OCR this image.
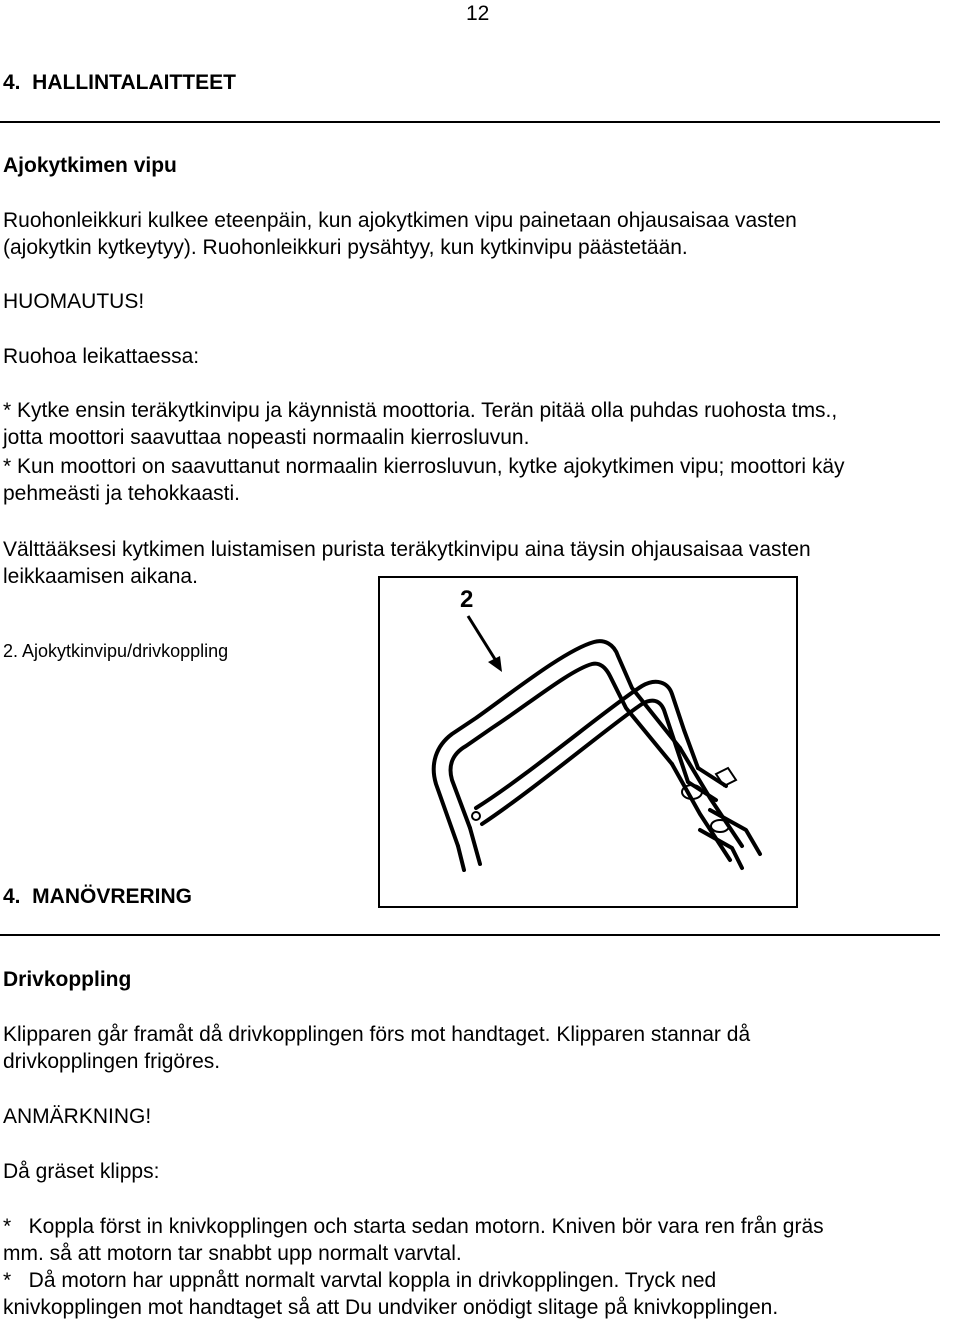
12
4.  HALLINTALAITTEET
Ajokytkimen vipu
Ruohonleikkuri kulkee eteenpäin, kun ajokytkimen vipu painetaan ohjausaisaa vasten
(ajokytkin kytkeytyy). Ruohonleikkuri pysähtyy, kun kytkinvipu päästetään.
HUOMAUTUS!
Ruohoa leikattaessa:
* Kytke ensin teräkytkinvipu ja käynnistä moottoria. Terän pitää olla puhdas ruohosta tms.,
jotta moottori saavuttaa nopeasti normaalin kierrosluvun.
* Kun moottori on saavuttanut normaalin kierrosluvun, kytke ajokytkimen vipu; moottori käy
pehmeästi ja tehokkaasti.
Välttääksesi kytkimen luistamisen purista teräkytkinvipu aina täysin ohjausaisaa vasten
leikkaamisen aikana.
2
2. Ajokytkinvipu/drivkoppling
4.  MANÖVRERING
Drivkoppling
Klipparen går framåt då drivkopplingen förs mot handtaget. Klipparen stannar då
drivkopplingen frigöres.
ANMÄRKNING!
Då gräset klipps:
*   Koppla först in knivkopplingen och starta sedan motorn. Kniven bör vara ren från gräs
mm. så att motorn tar snabbt upp normalt varvtal.
*   Då motorn har uppnått normalt varvtal koppla in drivkopplingen. Tryck ned
knivkopplingen mot handtaget så att Du undviker onödigt slitage på knivkopplingen.
